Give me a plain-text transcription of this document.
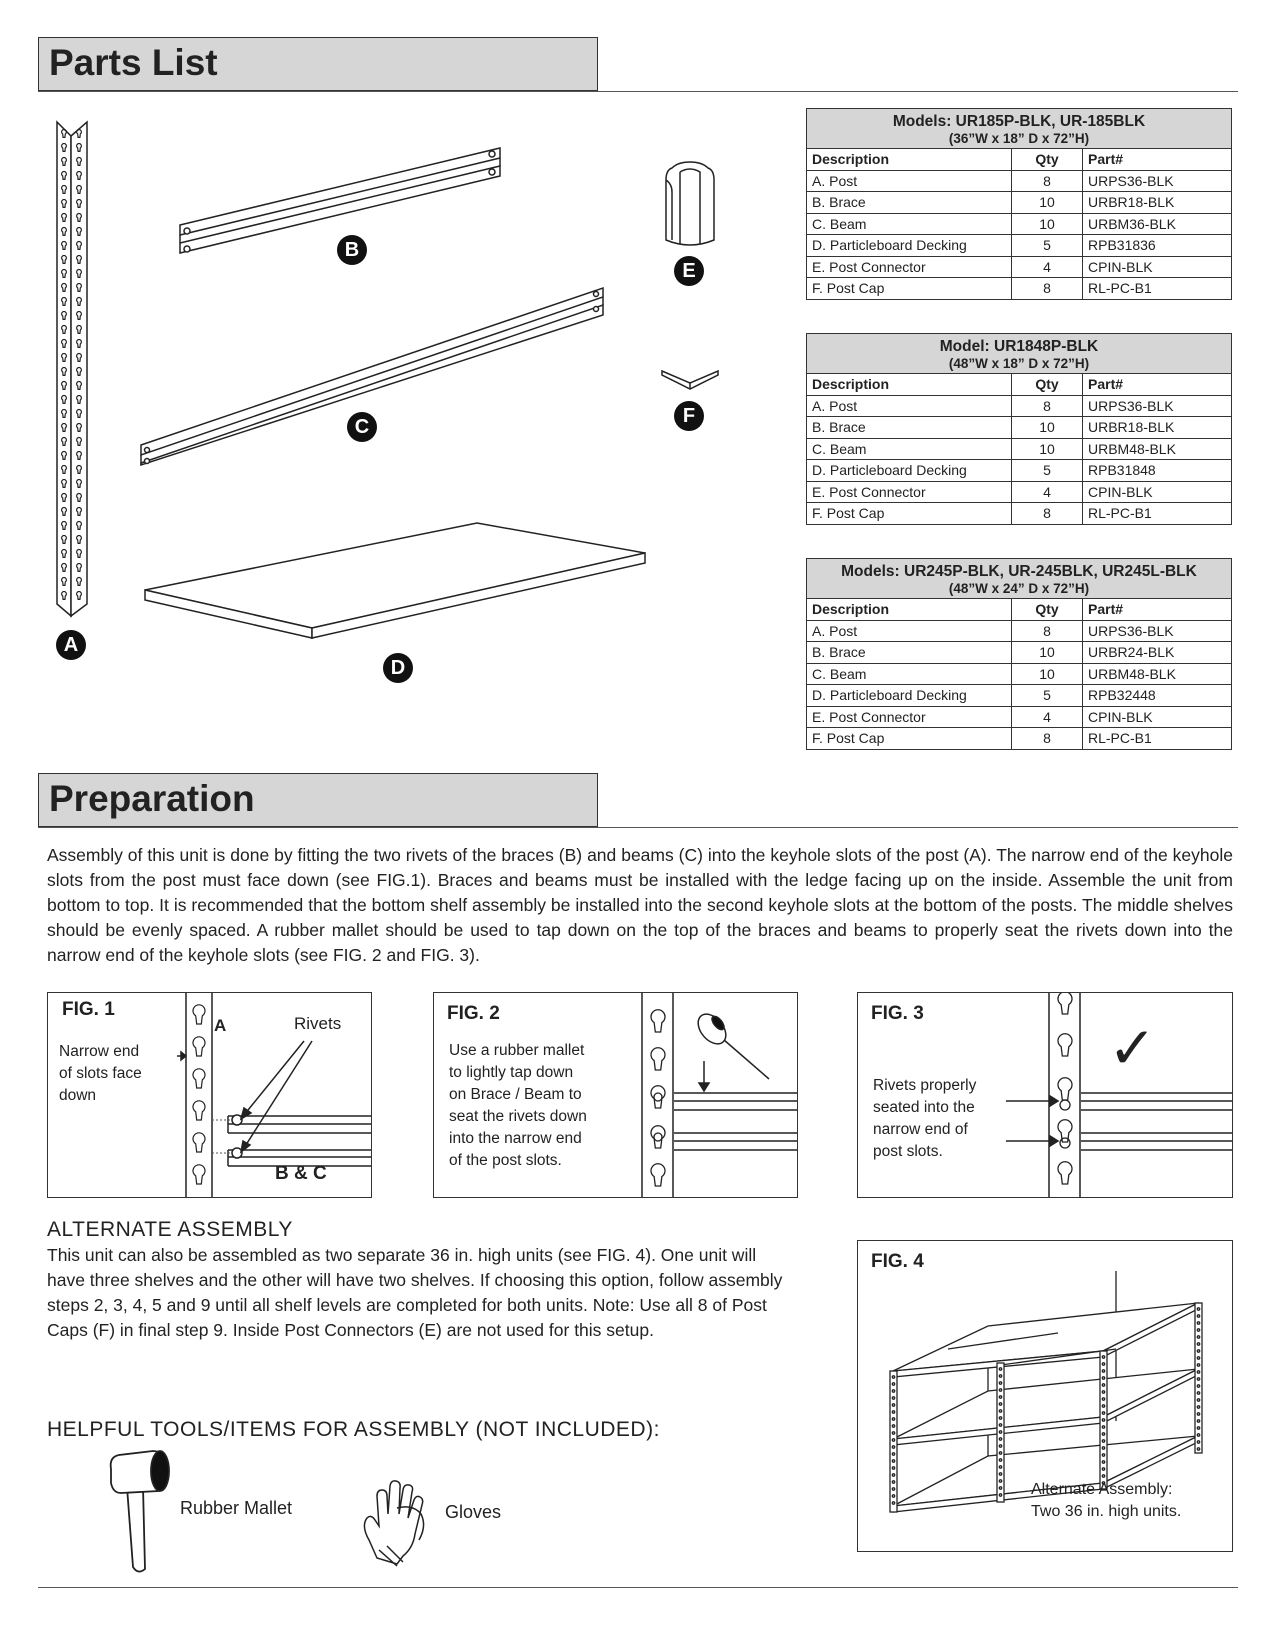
Parts List
A
B
C
D
E
F
Models: UR185P-BLK, UR-185BLK
(36”W x 18” D x 72”H)
Description	Qty	Part#
A. Post	8	URPS36-BLK
B. Brace	10	URBR18-BLK
C. Beam	10	URBM36-BLK
D. Particleboard Decking	5	RPB31836
E. Post Connector	4	CPIN-BLK
F. Post Cap	8	RL-PC-B1
Model: UR1848P-BLK
(48”W x 18” D x 72”H)
Description	Qty	Part#
A. Post	8	URPS36-BLK
B. Brace	10	URBR18-BLK
C. Beam	10	URBM48-BLK
D. Particleboard Decking	5	RPB31848
E. Post Connector	4	CPIN-BLK
F. Post Cap	8	RL-PC-B1
Models: UR245P-BLK, UR-245BLK, UR245L-BLK
(48”W x 24” D x 72”H)
Description	Qty	Part#
A. Post	8	URPS36-BLK
B. Brace	10	URBR24-BLK
C. Beam	10	URBM48-BLK
D. Particleboard Decking	5	RPB32448
E. Post Connector	4	CPIN-BLK
F. Post Cap	8	RL-PC-B1
Preparation
Assembly of this unit is done by fitting the two rivets of the braces (B) and beams (C) into the keyhole slots of the post (A). The narrow end of the keyhole slots from the post must face down (see FIG.1). Braces and beams must be installed with the ledge facing up on the inside. Assemble the unit from bottom to top. It is recommended that the bottom shelf assembly be installed into the second keyhole slots at the bottom of the posts. The middle shelves should be evenly spaced. A rubber mallet should be used to tap down on the top of the braces and beams to properly seat the rivets down into the narrow end of the keyhole slots (see FIG. 2 and FIG. 3).
FIG. 1
Narrow end
of slots face
down
A	Rivets
B & C
FIG. 2
Use a rubber mallet
to lightly tap down
on Brace / Beam to
seat the rivets down
into the narrow end
of the post slots.
FIG. 3
Rivets properly
seated into the
narrow end of
post slots.
✓
ALTERNATE ASSEMBLY
This unit can also be assembled as two separate 36 in. high units (see FIG. 4). One unit will have three shelves and the other will have two shelves. If choosing this option, follow assembly steps 2, 3, 4, 5 and 9 until all shelf levels are completed for both units. Note: Use all 8 of Post Caps (F) in final step 9. Inside Post Connectors (E) are not used for this setup.
FIG. 4
Alternate Assembly:
Two 36 in. high units.
HELPFUL TOOLS/ITEMS FOR ASSEMBLY (NOT INCLUDED):
Rubber Mallet	Gloves
